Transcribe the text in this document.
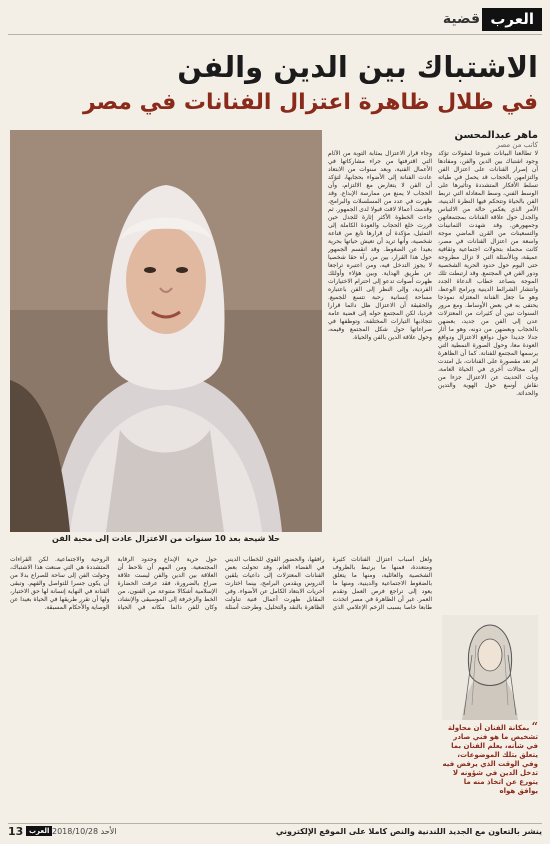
العرب
قضية
الاشتباك بين الدين والفن
في ظلال ظاهرة اعتزال الفنانات في مصر
ماهر عبدالمحسن
كاتب من مصر
حلا شيحة بعد 10 سنوات من الاعتزال عادت إلى محبة الفن

لا تطالعنا البيانات شيوعا لمقولات تؤكد وجود اشتباك بين الدين والفن، ومفادها أن إصرار الفنانات على اعتزال الفن والتزامهن بالحجاب قد يحمل في طياته تسلط الأفكار المتشددة وتأثيرها على الوسط الفني، وسط المعادلة التي تربط الفن بالحياة وتتحكم فيها النظرة الدينية، الأمر الذي يعكس حالة من الالتباس والجدل حول علاقة الفنانات بمجتمعاتهن وجمهورهن. وقد شهدت الثمانينات والتسعينات من القرن الماضي موجة واسعة من اعتزال الفنانات في مصر، كانت محملة بتحولات اجتماعية وثقافية عميقة، وبالأسئلة التي لا تزال مطروحة حتى اليوم حول حدود الحرية الشخصية ودور الفن في المجتمع. وقد ارتبطت تلك الموجة بتصاعد خطاب الدعاة الجدد وانتشار الشرائط الدينية وبرامج الوعظ، وهو ما جعل الفنانة المعتزلة نموذجا يحتفى به في بعض الأوساط. ومع مرور السنوات تبين أن كثيرات من المعتزلات عدن إلى الفن من جديد، بعضهن بالحجاب وبعضهن من دونه، وهو ما أثار جدلا جديدا حول دوافع الاعتزال ودوافع العودة معا، وحول الصورة النمطية التي يرسمها المجتمع للفنانة. كما أن الظاهرة لم تعد مقصورة على الفنانات، بل امتدت إلى مجالات أخرى في الحياة العامة، وبات الحديث عن الاعتزال جزءا من نقاش أوسع حول الهوية والتدين والحداثة.

وجاء قرار الاعتزال بمثابة التوبة من الآثام التي اقترفتها من جراء مشاركاتها في الأعمال الفنية، وبعد سنوات من الابتعاد عادت الفنانة إلى الأضواء بحجابها، لتؤكد أن الفن لا يتعارض مع الالتزام، وأن الحجاب لا يمنع من ممارسة الإبداع. وقد ظهرت في عدد من المسلسلات والبرامج، وقدمت أعمالا لاقت قبولا لدى الجمهور. ثم جاءت الخطوة الأكثر إثارة للجدل حين قررت خلع الحجاب والعودة الكاملة إلى التمثيل، مؤكدة أن قرارها نابع من قناعة شخصية، وأنها تريد أن تعيش حياتها بحرية بعيدا عن الضغوط. وقد انقسم الجمهور حول هذا القرار، بين من رآه حقا شخصيا لا يجوز التدخل فيه، ومن اعتبره تراجعا عن طريق الهداية. وبين هؤلاء وأولئك ظهرت أصوات تدعو إلى احترام الاختيارات الفردية، وإلى النظر إلى الفن باعتباره مساحة إنسانية رحبة تتسع للجميع. والحقيقة أن الاعتزال ظل دائما قرارا فرديا، لكن المجتمع حوله إلى قضية عامة تتجاذبها التيارات المختلفة، وتوظفها في صراعاتها حول شكل المجتمع وقيمه، وحول علاقة الدين بالفن والحياة.

ولعل أسباب اعتزال الفنانات كثيرة ومتعددة، فمنها ما يرتبط بالظروف الشخصية والعائلية، ومنها ما يتعلق بالضغوط الاجتماعية والدينية، ومنها ما يعود إلى تراجع فرص العمل وتقدم العمر. غير أن الظاهرة في مصر اتخذت طابعا خاصا بسبب الزخم الإعلامي الذي رافقها، والحضور القوي للخطاب الديني في الفضاء العام. وقد تحولت بعض الفنانات المعتزلات إلى داعيات يلقين الدروس ويقدمن البرامج، بينما اختارت أخريات الابتعاد الكامل عن الأضواء. وفي المقابل ظهرت أعمال فنية تناولت الظاهرة بالنقد والتحليل، وطرحت أسئلة حول حرية الإبداع وحدود الرقابة المجتمعية. ومن المهم أن نلاحظ أن العلاقة بين الدين والفن ليست علاقة صراع بالضرورة، فقد عرفت الحضارة الإسلامية أشكالا متنوعة من الفنون، من الخط والزخرفة إلى الموسيقى والإنشاد، وكان للفن دائما مكانه في الحياة الروحية والاجتماعية. لكن القراءات المتشددة هي التي صنعت هذا الاشتباك، وحولت الفن إلى ساحة للصراع بدلا من أن يكون جسرا للتواصل والفهم. وتبقى الفنانة في النهاية إنسانة لها حق الاختيار، ولها أن تقرر طريقها في الحياة بعيدا عن الوصاية والأحكام المسبقة.

“ بمكانة الفنان أن محاولة تشخيص ما هو فني صادر في شأنه، يعلم الفنان بما يتعلق بتلك الموضوعات، وفي الوقت الذي يرفض فيه تدخل الدين في شؤونه لا يتورع عن اتخاذ منه ما يوافق هواه
ينشر بالتعاون مع الجديد اللندنية والنص كاملا على الموقع الإلكتروني
الأحد 2018/10/28
العرب
13
